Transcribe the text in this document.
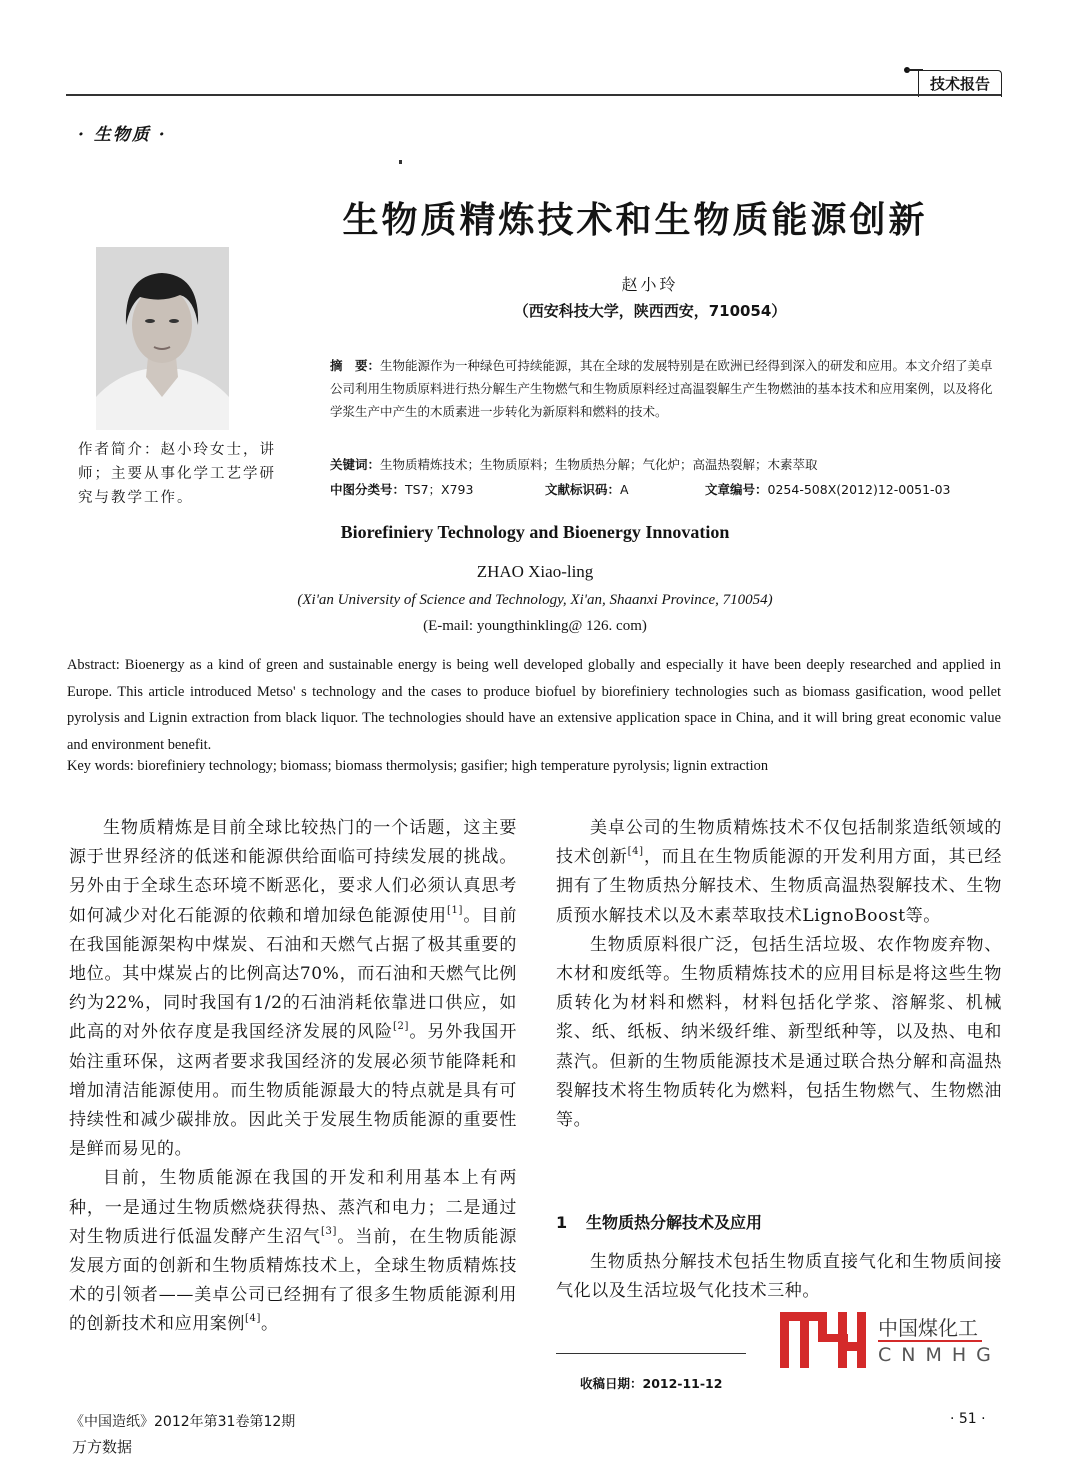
技术报告
· 生物质 ·
生物质精炼技术和生物质能源创新
作者简介：赵小玲女士，讲师；主要从事化学工艺学研究与教学工作。
赵小玲
（西安科技大学，陕西西安，710054）
摘　要：生物能源作为一种绿色可持续能源，其在全球的发展特别是在欧洲已经得到深入的研发和应用。本文介绍了美卓公司利用生物质原料进行热分解生产生物燃气和生物质原料经过高温裂解生产生物燃油的基本技术和应用案例，以及将化学浆生产中产生的木质素进一步转化为新原料和燃料的技术。
关键词：生物质精炼技术；生物质原料；生物质热分解；气化炉；高温热裂解；木素萃取
中图分类号：TS7；X793	文献标识码：A	文章编号：0254-508X(2012)12-0051-03
Biorefiniery Technology and Bioenergy Innovation
ZHAO Xiao-ling
(Xi'an University of Science and Technology, Xi'an, Shaanxi Province, 710054)
(E-mail: youngthinkling@ 126. com)
Abstract: Bioenergy as a kind of green and sustainable energy is being well developed globally and especially it have been deeply researched and applied in Europe. This article introduced Metso' s technology and the cases to produce biofuel by biorefiniery technologies such as biomass gasification, wood pellet pyrolysis and Lignin extraction from black liquor. The technologies should have an extensive application space in China, and it will bring great economic value and environment benefit.
Key words: biorefiniery technology; biomass; biomass thermolysis; gasifier; high temperature pyrolysis; lignin extraction

生物质精炼是目前全球比较热门的一个话题，这主要源于世界经济的低迷和能源供给面临可持续发展的挑战。另外由于全球生态环境不断恶化，要求人们必须认真思考如何减少对化石能源的依赖和增加绿色能源使用[1]。目前在我国能源架构中煤炭、石油和天燃气占据了极其重要的地位。其中煤炭占的比例高达70%，而石油和天燃气比例约为22%，同时我国有1/2的石油消耗依靠进口供应，如此高的对外依存度是我国经济发展的风险[2]。另外我国开始注重环保，这两者要求我国经济的发展必须节能降耗和增加清洁能源使用。而生物质能源最大的特点就是具有可持续性和减少碳排放。因此关于发展生物质能源的重要性是鲜而易见的。

目前，生物质能源在我国的开发和利用基本上有两种，一是通过生物质燃烧获得热、蒸汽和电力；二是通过对生物质进行低温发酵产生沼气[3]。当前，在生物质能源发展方面的创新和生物质精炼技术上，全球生物质精炼技术的引领者——美卓公司已经拥有了很多生物质能源利用的创新技术和应用案例[4]。

美卓公司的生物质精炼技术不仅包括制浆造纸领域的技术创新[4]，而且在生物质能源的开发利用方面，其已经拥有了生物质热分解技术、生物质高温热裂解技术、生物质预水解技术以及木素萃取技术LignoBoost等。

生物质原料很广泛，包括生活垃圾、农作物废弃物、木材和废纸等。生物质精炼技术的应用目标是将这些生物质转化为材料和燃料，材料包括化学浆、溶解浆、机械浆、纸、纸板、纳米级纤维、新型纸种等，以及热、电和蒸汽。但新的生物质能源技术是通过联合热分解和高温热裂解技术将生物质转化为燃料，包括生物燃气、生物燃油等。

1 生物质热分解技术及应用

生物质热分解技术包括生物质直接气化和生物质间接气化以及生活垃圾气化技术三种。

中国煤化工
CNMHG
收稿日期：2012-11-12
《中国造纸》2012年第31卷第12期	· 51 ·
万方数据
